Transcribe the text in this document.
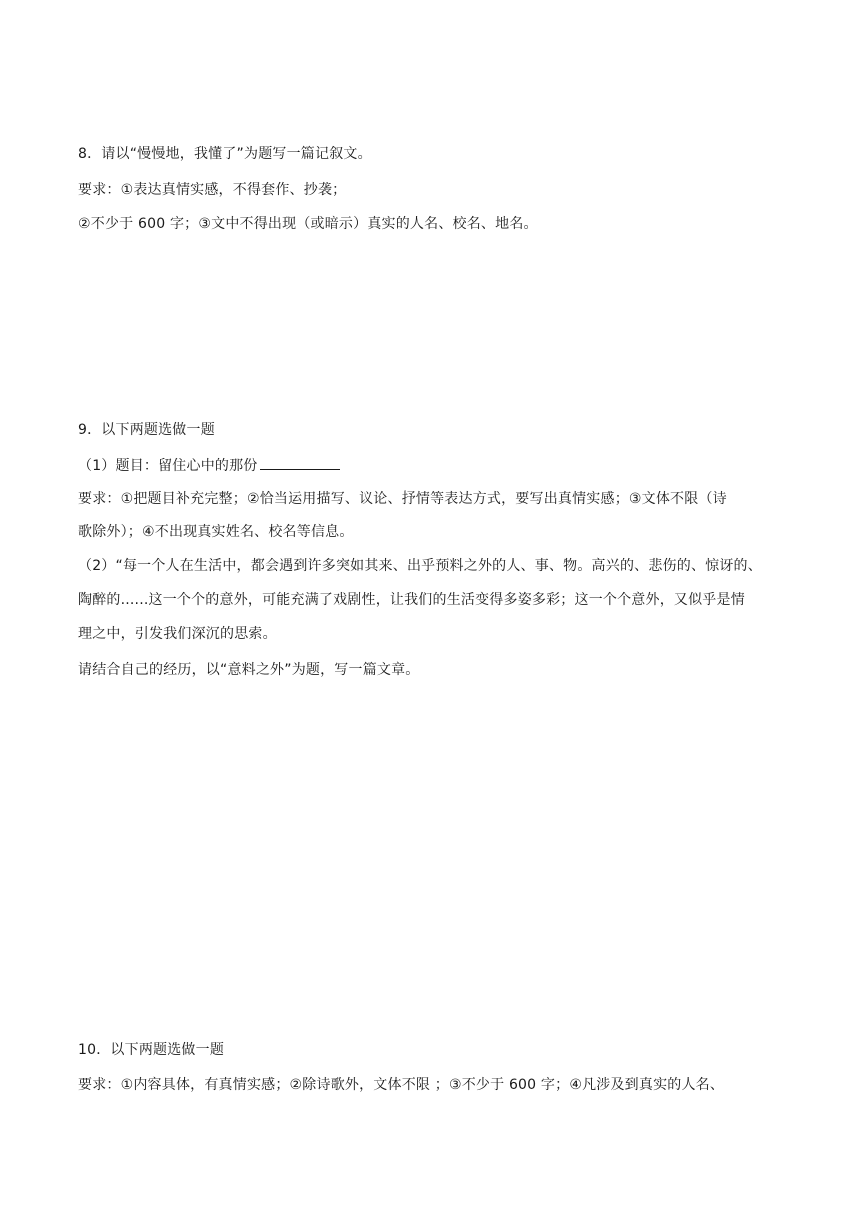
8．请以“慢慢地，我懂了”为题写一篇记叙文。
要求：①表达真情实感，不得套作、抄袭；
②不少于 600 字；③文中不得出现（或暗示）真实的人名、校名、地名。
9．以下两题选做一题
（1）题目：留住心中的那份
要求：①把题目补充完整；②恰当运用描写、议论、抒情等表达方式，要写出真情实感；③文体不限（诗
歌除外）；④不出现真实姓名、校名等信息。
（2）“每一个人在生活中，都会遇到许多突如其来、出乎预料之外的人、事、物。高兴的、悲伤的、惊讶的、
陶醉的......这一个个的意外，可能充满了戏剧性，让我们的生活变得多姿多彩；这一个个意外，又似乎是情
理之中，引发我们深沉的思索。
请结合自己的经历，以“意料之外”为题，写一篇文章。
10．以下两题选做一题
要求：①内容具体，有真情实感；②除诗歌外，文体不限 ；③不少于 600 字；④凡涉及到真实的人名、
